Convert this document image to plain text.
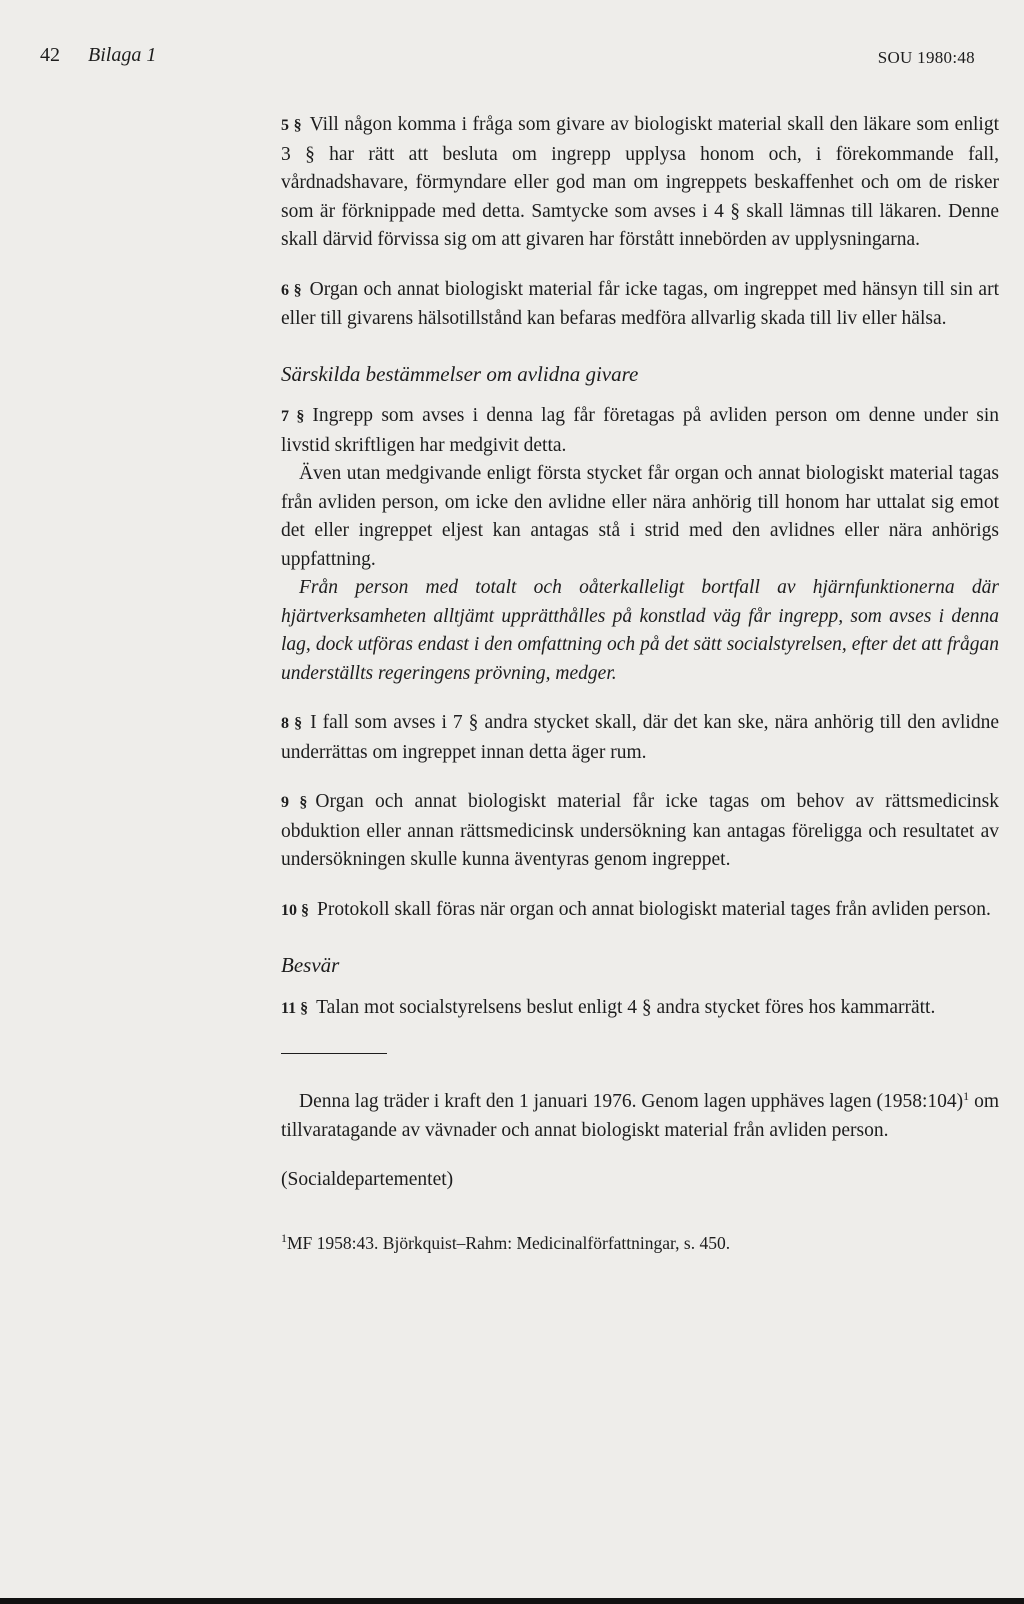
42 Bilaga 1	SOU 1980:48

5 § Vill någon komma i fråga som givare av biologiskt material skall den läkare som enligt 3 § har rätt att besluta om ingrepp upplysa honom och, i förekommande fall, vårdnadshavare, förmyndare eller god man om ingreppets beskaffenhet och om de risker som är förknippade med detta. Samtycke som avses i 4 § skall lämnas till läkaren. Denne skall därvid förvissa sig om att givaren har förstått innebörden av upplysningarna.

6 § Organ och annat biologiskt material får icke tagas, om ingreppet med hänsyn till sin art eller till givarens hälsotillstånd kan befaras medföra allvarlig skada till liv eller hälsa.

Särskilda bestämmelser om avlidna givare

7 § Ingrepp som avses i denna lag får företagas på avliden person om denne under sin livstid skriftligen har medgivit detta.

Även utan medgivande enligt första stycket får organ och annat biologiskt material tagas från avliden person, om icke den avlidne eller nära anhörig till honom har uttalat sig emot det eller ingreppet eljest kan antagas stå i strid med den avlidnes eller nära anhörigs uppfattning.

Från person med totalt och oåterkalleligt bortfall av hjärnfunktionerna där hjärtverksamheten alltjämt upprätthålles på konstlad väg får ingrepp, som avses i denna lag, dock utföras endast i den omfattning och på det sätt socialstyrelsen, efter det att frågan underställts regeringens prövning, medger.

8 § I fall som avses i 7 § andra stycket skall, där det kan ske, nära anhörig till den avlidne underrättas om ingreppet innan detta äger rum.

9 § Organ och annat biologiskt material får icke tagas om behov av rättsmedicinsk obduktion eller annan rättsmedicinsk undersökning kan antagas föreligga och resultatet av undersökningen skulle kunna äventyras genom ingreppet.

10 § Protokoll skall föras när organ och annat biologiskt material tages från avliden person.

Besvär

11 § Talan mot socialstyrelsens beslut enligt 4 § andra stycket föres hos kammarrätt.

Denna lag träder i kraft den 1 januari 1976. Genom lagen upphäves lagen (1958:104)$^1$ om tillvaratagande av vävnader och annat biologiskt material från avliden person.

(Socialdepartementet)

$^1$MF 1958:43. Björkquist–Rahm: Medicinalförfattningar, s. 450.
